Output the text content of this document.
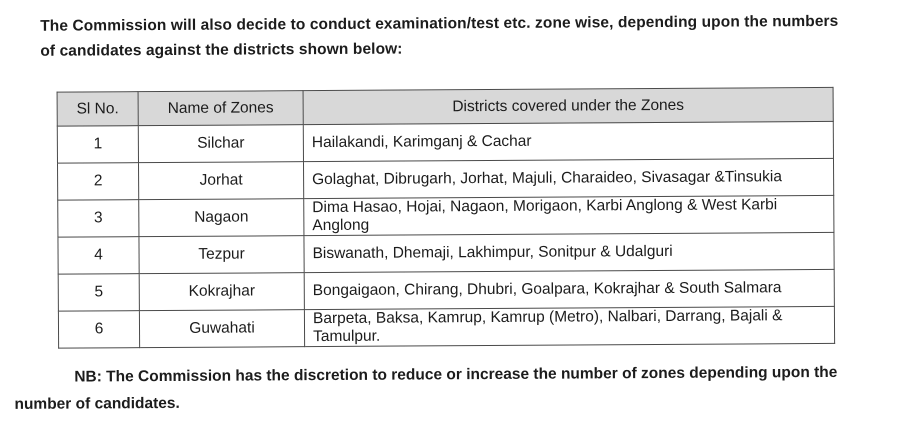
The Commission will also decide to conduct examination/test etc. zone wise, depending upon the numbers of candidates against the districts shown below:

Sl No.	Name of Zones	Districts covered under the Zones
1	Silchar	Hailakandi, Karimganj & Cachar
2	Jorhat	Golaghat, Dibrugarh, Jorhat, Majuli, Charaideo, Sivasagar &Tinsukia
3	Nagaon	Dima Hasao, Hojai, Nagaon, Morigaon, Karbi Anglong & West Karbi Anglong
4	Tezpur	Biswanath, Dhemaji, Lakhimpur, Sonitpur & Udalguri
5	Kokrajhar	Bongaigaon, Chirang, Dhubri, Goalpara, Kokrajhar & South Salmara
6	Guwahati	Barpeta, Baksa, Kamrup, Kamrup (Metro), Nalbari, Darrang, Bajali & Tamulpur.

NB: The Commission has the discretion to reduce or increase the number of zones depending upon the number of candidates.
